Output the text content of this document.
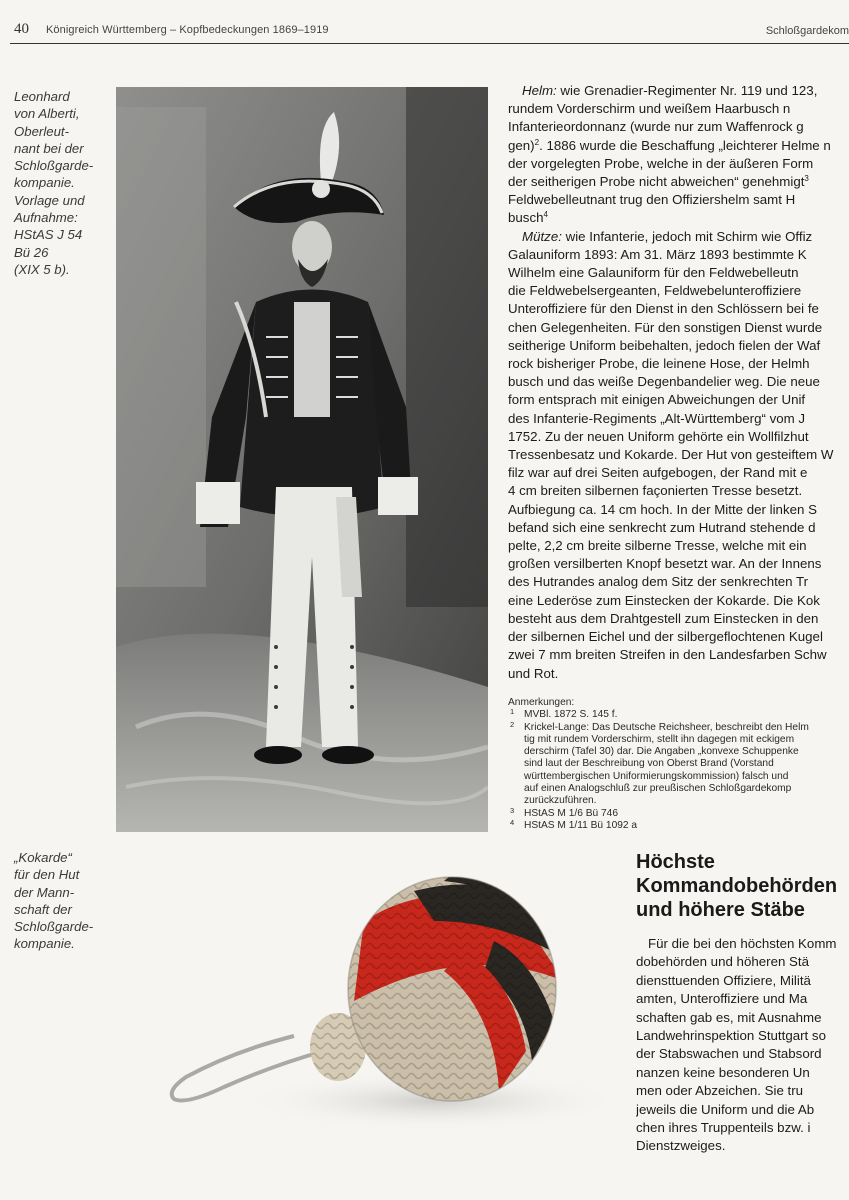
40 Königreich Württemberg – Kopfbedeckungen 1869–1919	Schloßgardekom
Leonhard
von Alberti,
Oberleut-
nant bei der
Schloßgarde-
kompanie.
Vorlage und
Aufnahme:
HStAS J 54
Bü 26
(XIX 5 b).
Helm: wie Grenadier-Regimenter Nr. 119 und 123,
rundem Vorderschirm und weißem Haarbusch n
Infanterieordonnanz (wurde nur zum Waffenrock g
gen)$^2$. 1886 wurde die Beschaffung „leichterer Helme n
der vorgelegten Probe, welche in der äußeren Form
der seitherigen Probe nicht abweichen“ genehmigt$^3$
Feldwebelleutnant trug den Offiziershelm samt H
busch$^4$
Mütze: wie Infanterie, jedoch mit Schirm wie Offiz
Galauniform 1893: Am 31. März 1893 bestimmte K
Wilhelm eine Galauniform für den Feldwebelleutn
die Feldwebelsergeanten, Feldwebelunteroffiziere
Unteroffiziere für den Dienst in den Schlössern bei fe
chen Gelegenheiten. Für den sonstigen Dienst wurde
seitherige Uniform beibehalten, jedoch fielen der Waf
rock bisheriger Probe, die leinene Hose, der Helmh
busch und das weiße Degenbandelier weg. Die neue
form entsprach mit einigen Abweichungen der Unif
des Infanterie-Regiments „Alt-Württemberg“ vom J
1752. Zu der neuen Uniform gehörte ein Wollfilzhut
Tressenbesatz und Kokarde. Der Hut von gesteiftem W
filz war auf drei Seiten aufgebogen, der Rand mit e
4 cm breiten silbernen façonierten Tresse besetzt.
Aufbiegung ca. 14 cm hoch. In der Mitte der linken S
befand sich eine senkrecht zum Hutrand stehende d
pelte, 2,2 cm breite silberne Tresse, welche mit ein
großen versilberten Knopf besetzt war. An der Innens
des Hutrandes analog dem Sitz der senkrechten Tr
eine Lederöse zum Einstecken der Kokarde. Die Kok
besteht aus dem Drahtgestell zum Einstecken in den
der silbernen Eichel und der silbergeflochtenen Kugel
zwei 7 mm breiten Streifen in den Landesfarben Schw
und Rot.
Anmerkungen:
1 MVBl. 1872 S. 145 f.
2 Krickel-Lange: Das Deutsche Reichsheer, beschreibt den Helm
tig mit rundem Vorderschirm, stellt ihn dagegen mit eckigem
derschirm (Tafel 30) dar. Die Angaben „konvexe Schuppenke
sind laut der Beschreibung von Oberst Brand (Vorstand
württembergischen Uniformierungskommission) falsch und
auf einen Analogschluß zur preußischen Schloßgardekomp
zurückzuführen.
3 HStAS M 1/6 Bü 746
4 HStAS M 1/11 Bü 1092 a
„Kokarde“
für den Hut
der Mann-
schaft der
Schloßgarde-
kompanie.
Höchste
Kommandobehörden
und höhere Stäbe
Für die bei den höchsten Komm
dobehörden und höheren Stä
diensttuenden Offiziere, Militä
amten, Unteroffiziere und Ma
schaften gab es, mit Ausnahme
Landwehrinspektion Stuttgart so
der Stabswachen und Stabsord
nanzen keine besonderen Un
men oder Abzeichen. Sie tru
jeweils die Uniform und die Ab
chen ihres Truppenteils bzw. i
Dienstzweiges.
